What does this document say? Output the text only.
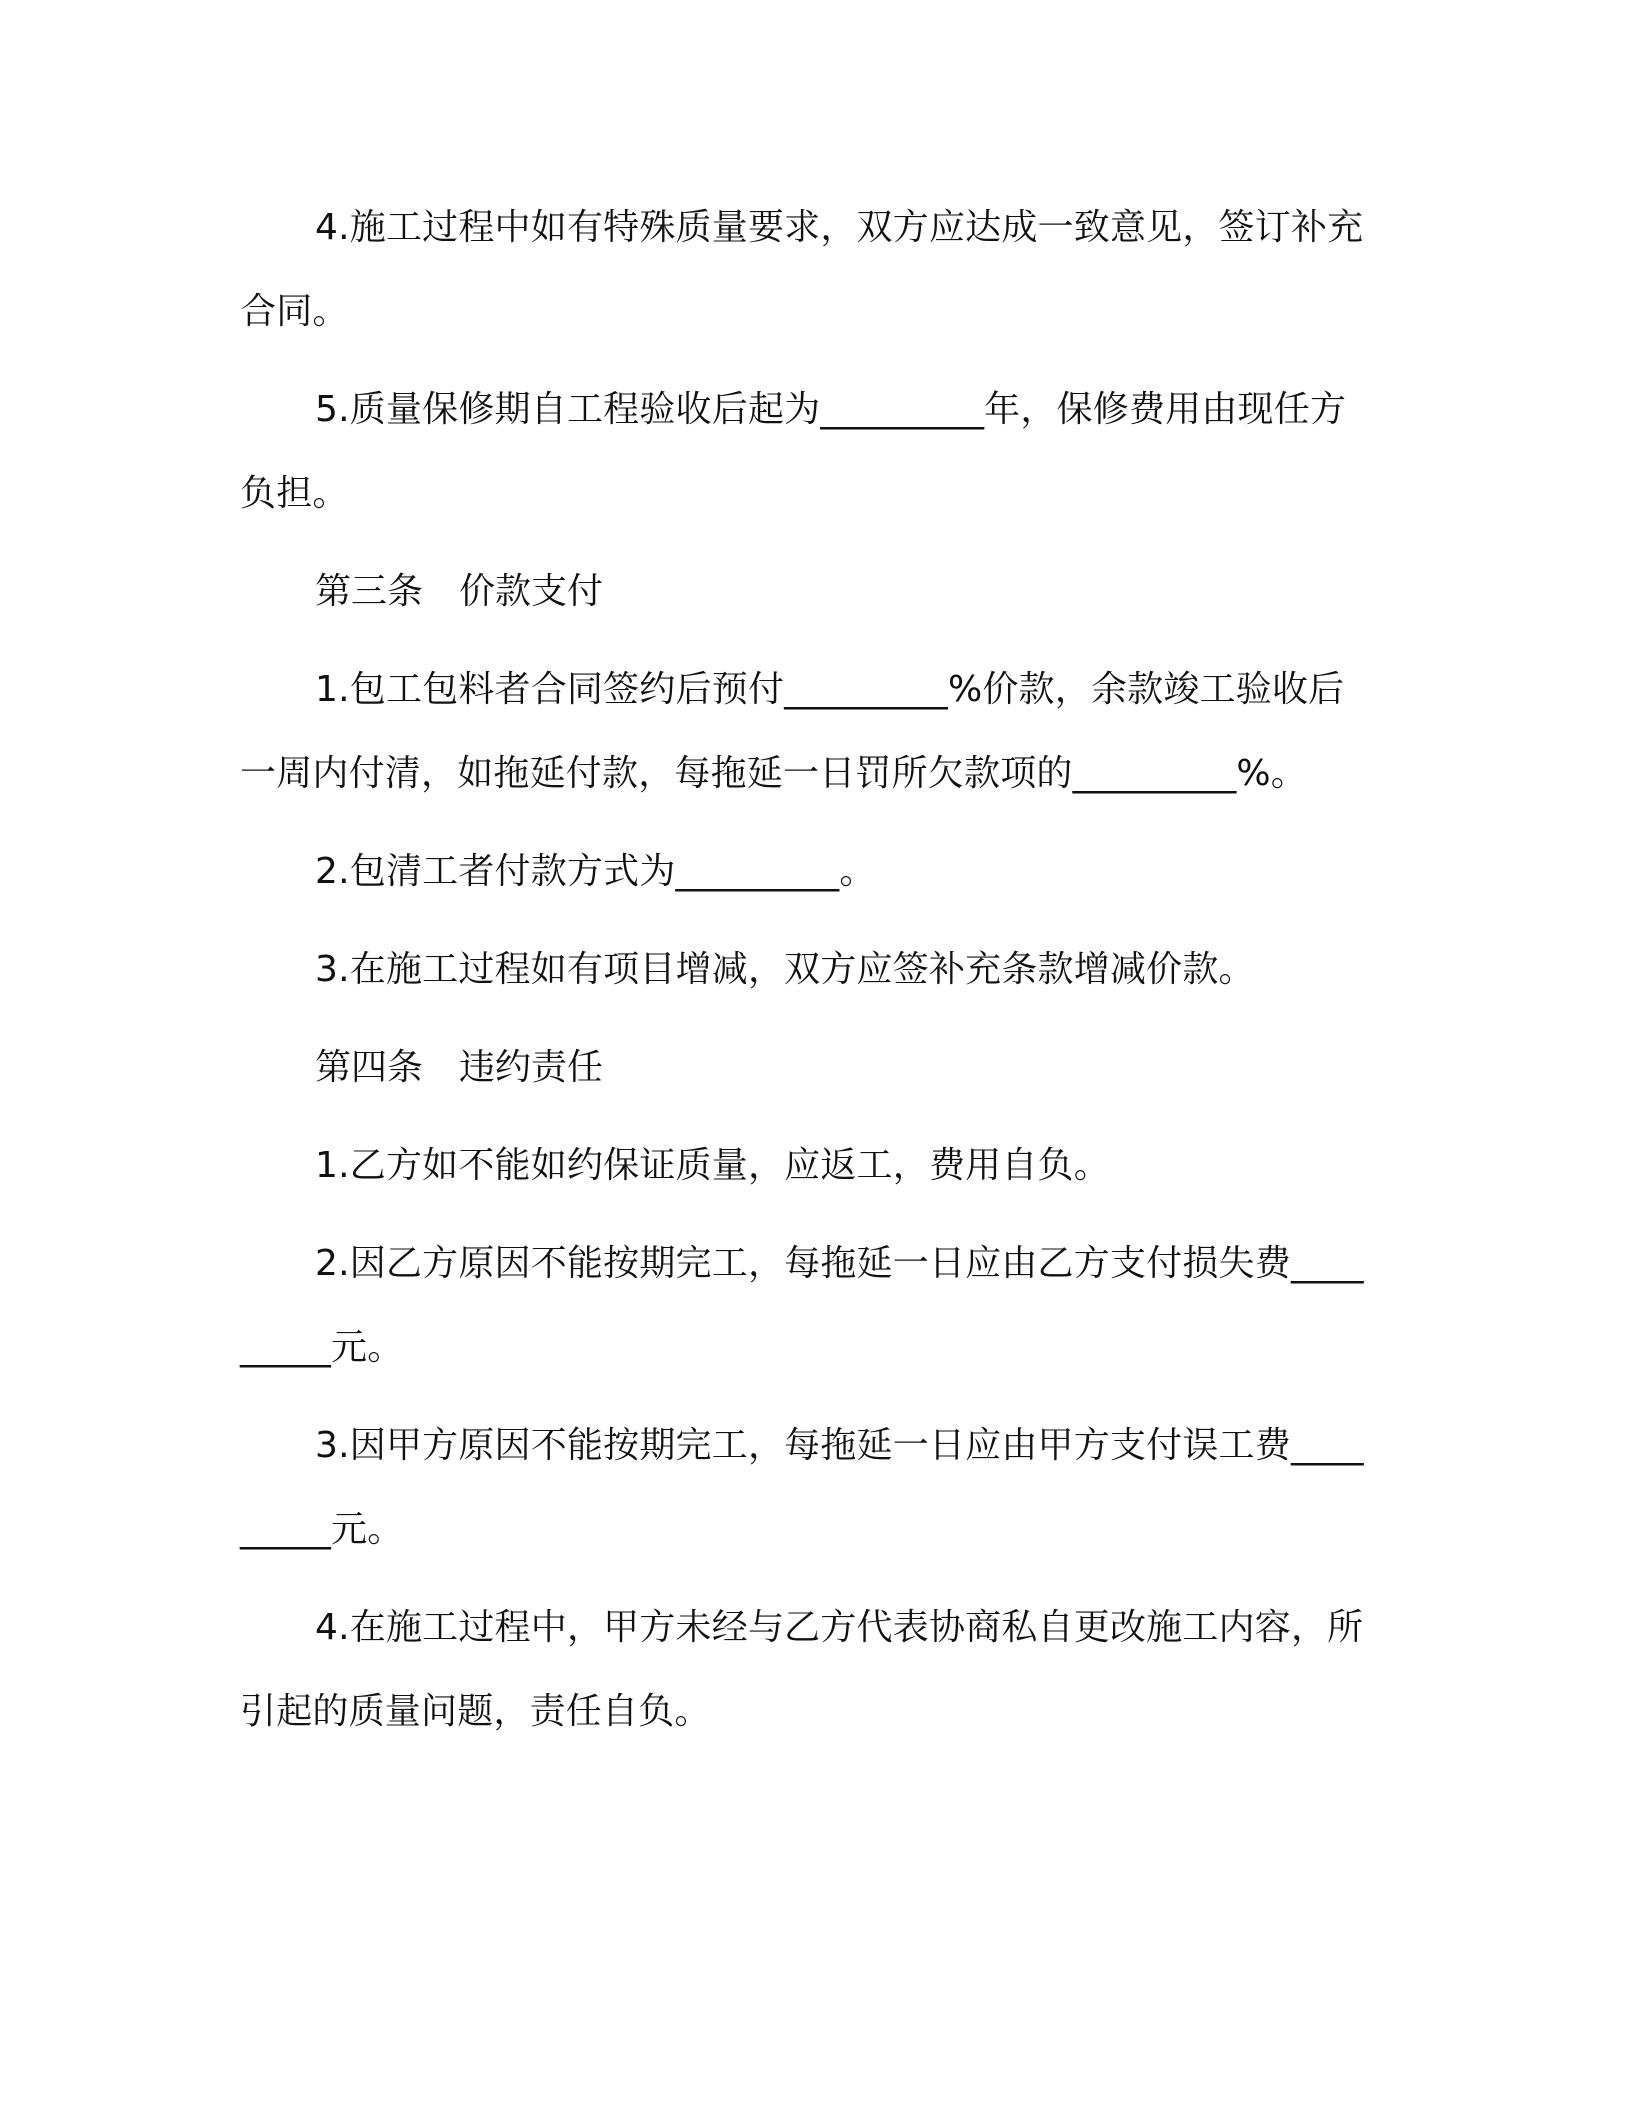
4.施工过程中如有特殊质量要求，双方应达成一致意见，签订补充合同。

5.质量保修期自工程验收后起为_________年，保修费用由现任方负担。

第三条　价款支付

1.包工包料者合同签约后预付_________%价款，余款竣工验收后一周内付清，如拖延付款，每拖延一日罚所欠款项的_________%。

2.包清工者付款方式为_________。

3.在施工过程如有项目增减，双方应签补充条款增减价款。

第四条　违约责任

1.乙方如不能如约保证质量，应返工，费用自负。

2.因乙方原因不能按期完工，每拖延一日应由乙方支付损失费_________元。

3.因甲方原因不能按期完工，每拖延一日应由甲方支付误工费_________元。

4.在施工过程中，甲方未经与乙方代表协商私自更改施工内容，所引起的质量问题，责任自负。
